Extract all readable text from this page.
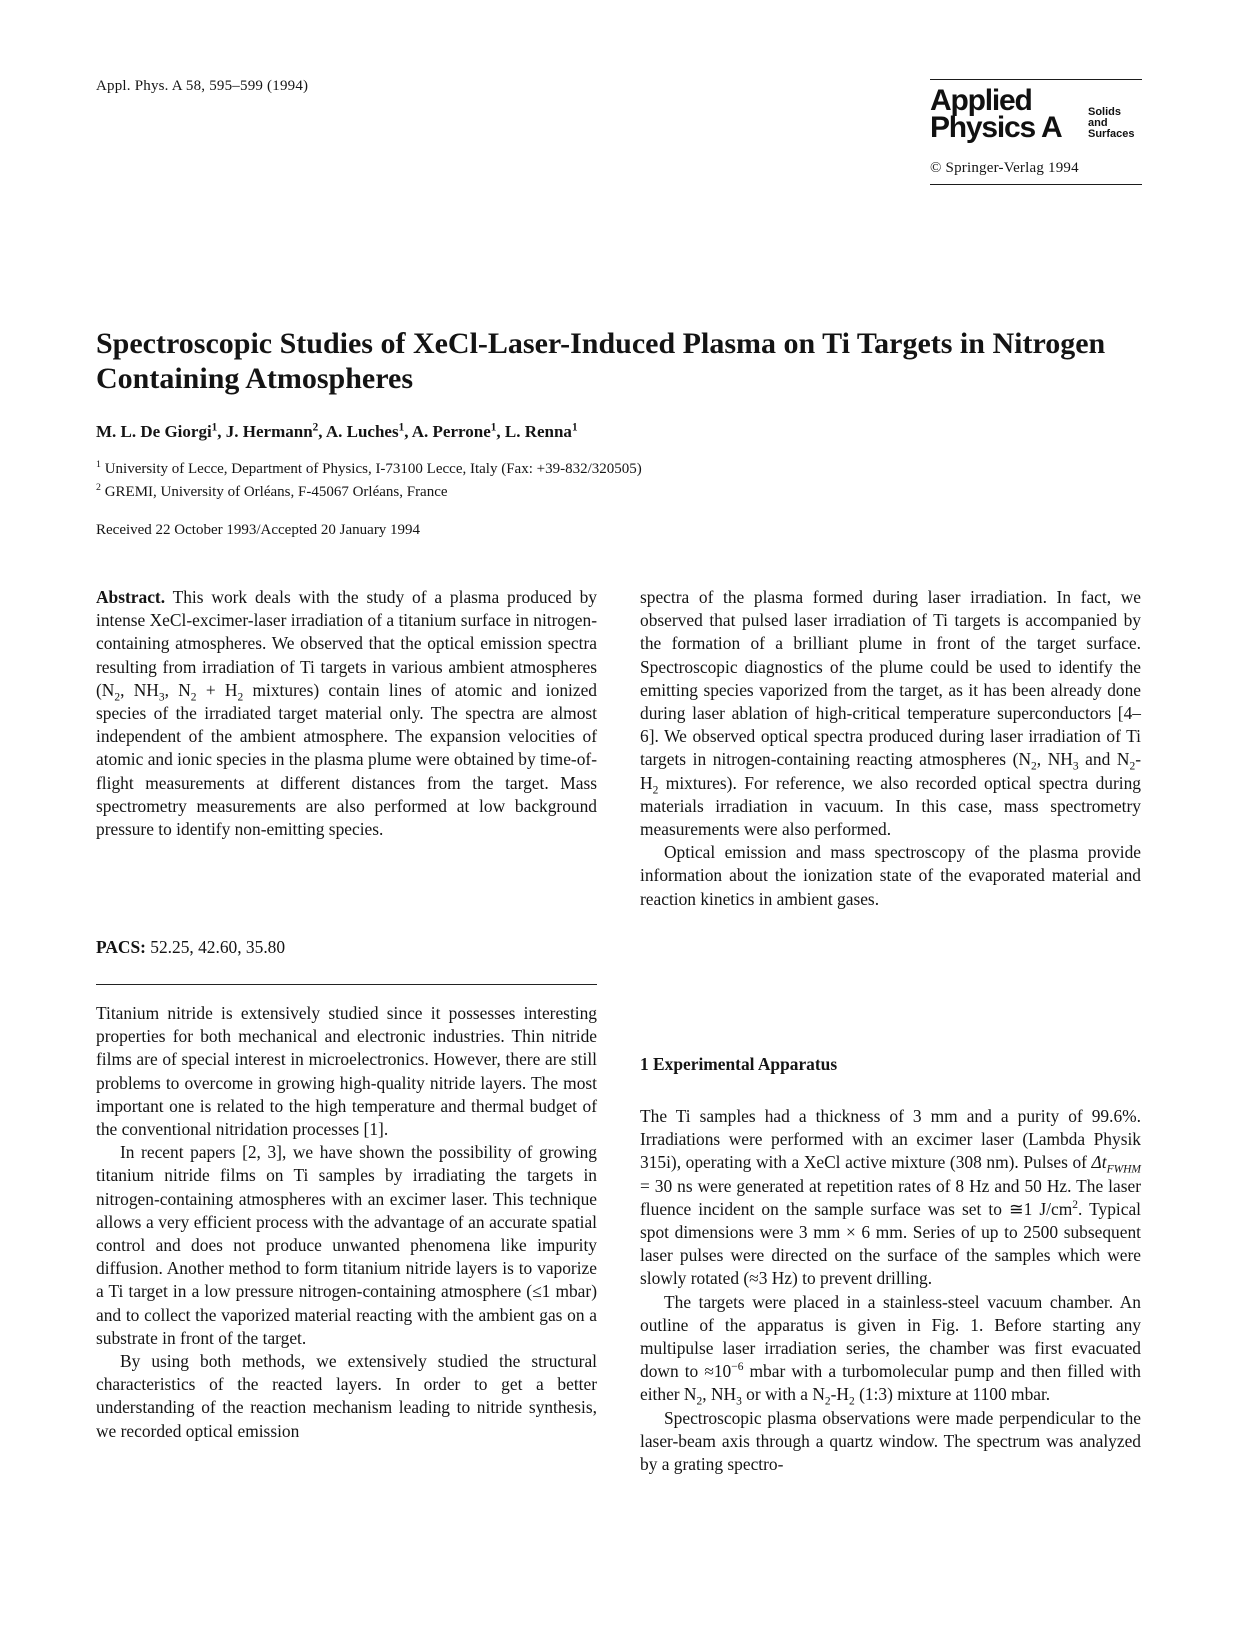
Appl. Phys. A 58, 595–599 (1994)	Applied
Physics A Solids
and
Surfaces
© Springer-Verlag 1994
Spectroscopic Studies of XeCl-Laser-Induced Plasma on Ti Targets in Nitrogen Containing Atmospheres
M. L. De Giorgi$^1$, J. Hermann$^2$, A. Luches$^1$, A. Perrone$^1$, L. Renna$^1$
$^1$ University of Lecce, Department of Physics, I-73100 Lecce, Italy (Fax: +39-832/320505)
$^2$ GREMI, University of Orléans, F-45067 Orléans, France
Received 22 October 1993/Accepted 20 January 1994

Abstract. This work deals with the study of a plasma produced by intense XeCl-excimer-laser irradiation of a titanium surface in nitrogen-containing atmospheres. We observed that the optical emission spectra resulting from irradiation of Ti targets in various ambient atmospheres ($N_2$, $NH_3$, $N_2 + H_2$ mixtures) contain lines of atomic and ionized species of the irradiated target material only. The spectra are almost independent of the ambient atmosphere. The expansion velocities of atomic and ionic species in the plasma plume were obtained by time-of-flight measurements at different distances from the target. Mass spectrometry measurements are also performed at low background pressure to identify non-emitting species.

PACS: 52.25, 42.60, 35.80

Titanium nitride is extensively studied since it possesses interesting properties for both mechanical and electronic industries. Thin nitride films are of special interest in microelectronics. However, there are still problems to overcome in growing high-quality nitride layers. The most important one is related to the high temperature and thermal budget of the conventional nitridation processes [1].

In recent papers [2, 3], we have shown the possibility of growing titanium nitride films on Ti samples by irradiating the targets in nitrogen-containing atmospheres with an excimer laser. This technique allows a very efficient process with the advantage of an accurate spatial control and does not produce unwanted phenomena like impurity diffusion. Another method to form titanium nitride layers is to vaporize a Ti target in a low pressure nitrogen-containing atmosphere (≤1 mbar) and to collect the vaporized material reacting with the ambient gas on a substrate in front of the target.

By using both methods, we extensively studied the structural characteristics of the reacted layers. In order to get a better understanding of the reaction mechanism leading to nitride synthesis, we recorded optical emission

spectra of the plasma formed during laser irradiation. In fact, we observed that pulsed laser irradiation of Ti targets is accompanied by the formation of a brilliant plume in front of the target surface. Spectroscopic diagnostics of the plume could be used to identify the emitting species vaporized from the target, as it has been already done during laser ablation of high-critical temperature superconductors [4–6]. We observed optical spectra produced during laser irradiation of Ti targets in nitrogen-containing reacting atmospheres ($N_2$, $NH_3$ and $N_2-H_2$ mixtures). For reference, we also recorded optical spectra during materials irradiation in vacuum. In this case, mass spectrometry measurements were also performed.

Optical emission and mass spectroscopy of the plasma provide information about the ionization state of the evaporated material and reaction kinetics in ambient gases.

1 Experimental Apparatus

The Ti samples had a thickness of 3 mm and a purity of 99.6%. Irradiations were performed with an excimer laser (Lambda Physik 315i), operating with a XeCl active mixture (308 nm). Pulses of $\Delta t_{FWHM} = 30$ ns were generated at repetition rates of 8 Hz and 50 Hz. The laser fluence incident on the sample surface was set to ≅1 $J/cm^2$. Typical spot dimensions were 3 mm × 6 mm. Series of up to 2500 subsequent laser pulses were directed on the surface of the samples which were slowly rotated (≈3 Hz) to prevent drilling.

The targets were placed in a stainless-steel vacuum chamber. An outline of the apparatus is given in Fig. 1. Before starting any multipulse laser irradiation series, the chamber was first evacuated down to $\approx 10^{-6}$ mbar with a turbomolecular pump and then filled with either $N_2$, $NH_3$ or with a $N_2-H_2$ (1:3) mixture at 1100 mbar.

Spectroscopic plasma observations were made perpendicular to the laser-beam axis through a quartz window. The spectrum was analyzed by a grating spectro-
